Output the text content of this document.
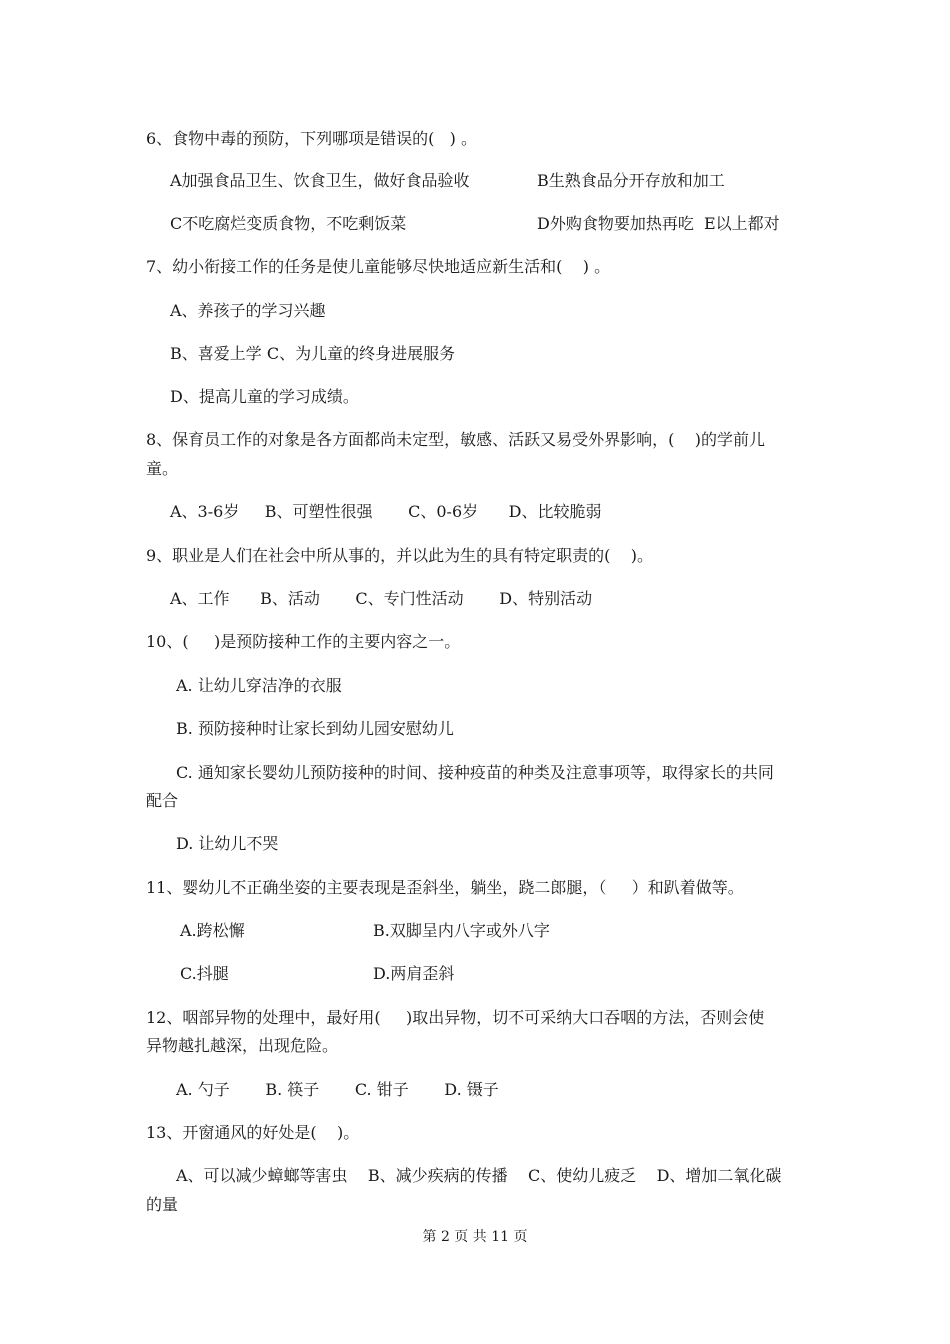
6、食物中毒的预防，下列哪项是错误的(   ) 。
A加强食品卫生、饮食卫生，做好食品验收	B生熟食品分开存放和加工
C不吃腐烂变质食物，不吃剩饭菜	D外购食物要加热再吃  E以上都对
7、幼小衔接工作的任务是使儿童能够尽快地适应新生活和(    ) 。
A、养孩子的学习兴趣
B、喜爱上学 C、为儿童的终身进展服务
D、提高儿童的学习成绩。
8、保育员工作的对象是各方面都尚未定型，敏感、活跃又易受外界影响，(    )的学前儿
童。
A、3-6岁     B、可塑性很强       C、0-6岁      D、比较脆弱
9、职业是人们在社会中所从事的，并以此为生的具有特定职责的(    )。
A、工作      B、活动       C、专门性活动       D、特别活动
10、(     )是预防接种工作的主要内容之一。
A. 让幼儿穿洁净的衣服
B. 预防接种时让家长到幼儿园安慰幼儿
C. 通知家长婴幼儿预防接种的时间、接种疫苗的种类及注意事项等，取得家长的共同
配合
D. 让幼儿不哭
11、婴幼儿不正确坐姿的主要表现是歪斜坐，躺坐，跷二郎腿，（     ）和趴着做等。
A.跨松懈	B.双脚呈内八字或外八字
C.抖腿	D.两肩歪斜
12、咽部异物的处理中，最好用(     )取出异物，切不可采纳大口吞咽的方法，否则会使
异物越扎越深，出现危险。
A. 勺子       B. 筷子       C. 钳子       D. 镊子
13、开窗通风的好处是(    )。
A、可以减少蟑螂等害虫    B、减少疾病的传播    C、使幼儿疲乏    D、增加二氧化碳
的量
第 2 页 共 11 页
